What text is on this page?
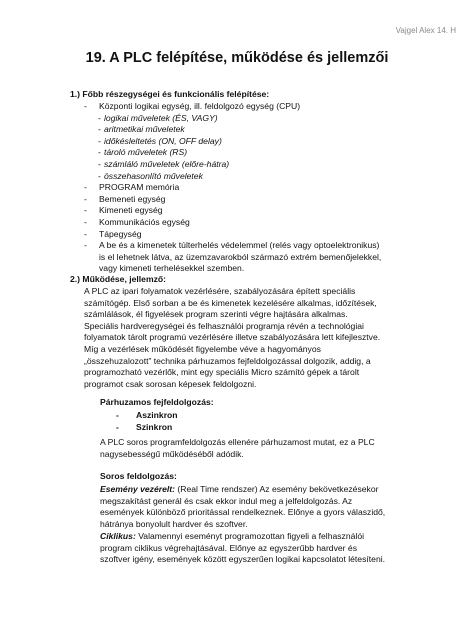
Vajgel Alex 14. H
19. A PLC felépítése, működése és jellemzői
1.) Főbb részegységei és funkcionális felépítése:
-	Központi logikai egység, ill. feldolgozó egység (CPU)
- logikai műveletek (ÉS, VAGY)
- aritmetikai műveletek
- időkésleltetés (ON, OFF delay)
- tároló műveletek (RS)
- számláló műveletek (előre-hátra)
- összehasonlító műveletek
-	PROGRAM memória
-	Bemeneti egység
-	Kimeneti egység
-	Kommunikációs egység
-	Tápegység
-	A be és a kimenetek túlterhelés védelemmel (relés vagy optoelektronikus)
is el lehetnek látva, az üzemzavarokból származó extrém bemenőjelekkel,
vagy kimeneti terhelésekkel szemben.
2.) Működése, jellemző:
A PLC az ipari folyamatok vezérlésére, szabályozására épített speciális
számítógép. Első sorban a be és kimenetek kezelésére alkalmas, időzítések,
számlálások, él figyelések program szerinti végre hajtására alkalmas.
Speciális hardveregységei és felhasználói programja révén a technológiai
folyamatok tárolt programú vezérlésére illetve szabályozására lett kifejlesztve.
Míg a vezérlések működését figyelembe véve a hagyományos
„összehuzalozott” technika párhuzamos fejfeldolgozással dolgozik, addig, a
programozható vezérlők, mint egy speciális Micro számító gépek a tárolt
programot csak sorosan képesek feldolgozni.
Párhuzamos fejfeldolgozás:
- Aszinkron
- Szinkron
A PLC soros programfeldolgozás ellenére párhuzamost mutat, ez a PLC
nagysebességű működéséből adódik.
Soros feldolgozás:
Esemény vezérelt: (Real Time rendszer) Az esemény bekövetkezésekor
megszakítást generál és csak ekkor indul meg a jelfeldolgozás. Az
események különböző prioritással rendelkeznek. Előnye a gyors válaszidő,
hátránya bonyolult hardver és szoftver.
Ciklikus: Valamennyi eseményt programozottan figyeli a felhasználói
program ciklikus végrehajtásával. Előnye az egyszerűbb hardver és
szoftver igény, események között egyszerűen logikai kapcsolatot létesíteni.
